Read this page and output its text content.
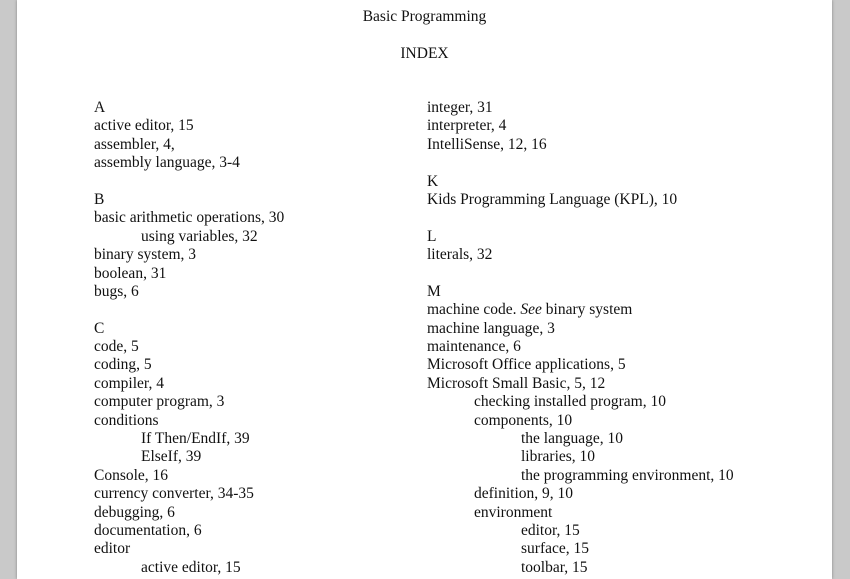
Basic Programming
INDEX
A
active editor, 15
assembler, 4,
assembly language, 3-4
B
basic arithmetic operations, 30
using variables, 32
binary system, 3
boolean, 31
bugs, 6
C
code, 5
coding, 5
compiler, 4
computer program, 3
conditions
If Then/EndIf, 39
ElseIf, 39
Console, 16
currency converter, 34-35
debugging, 6
documentation, 6
editor
active editor, 15
integer, 31
interpreter, 4
IntelliSense, 12, 16
K
Kids Programming Language (KPL), 10
L
literals, 32
M
machine code. See binary system
machine language, 3
maintenance, 6
Microsoft Office applications, 5
Microsoft Small Basic, 5, 12
checking installed program, 10
components, 10
the language, 10
libraries, 10
the programming environment, 10
definition, 9, 10
environment
editor, 15
surface, 15
toolbar, 15
